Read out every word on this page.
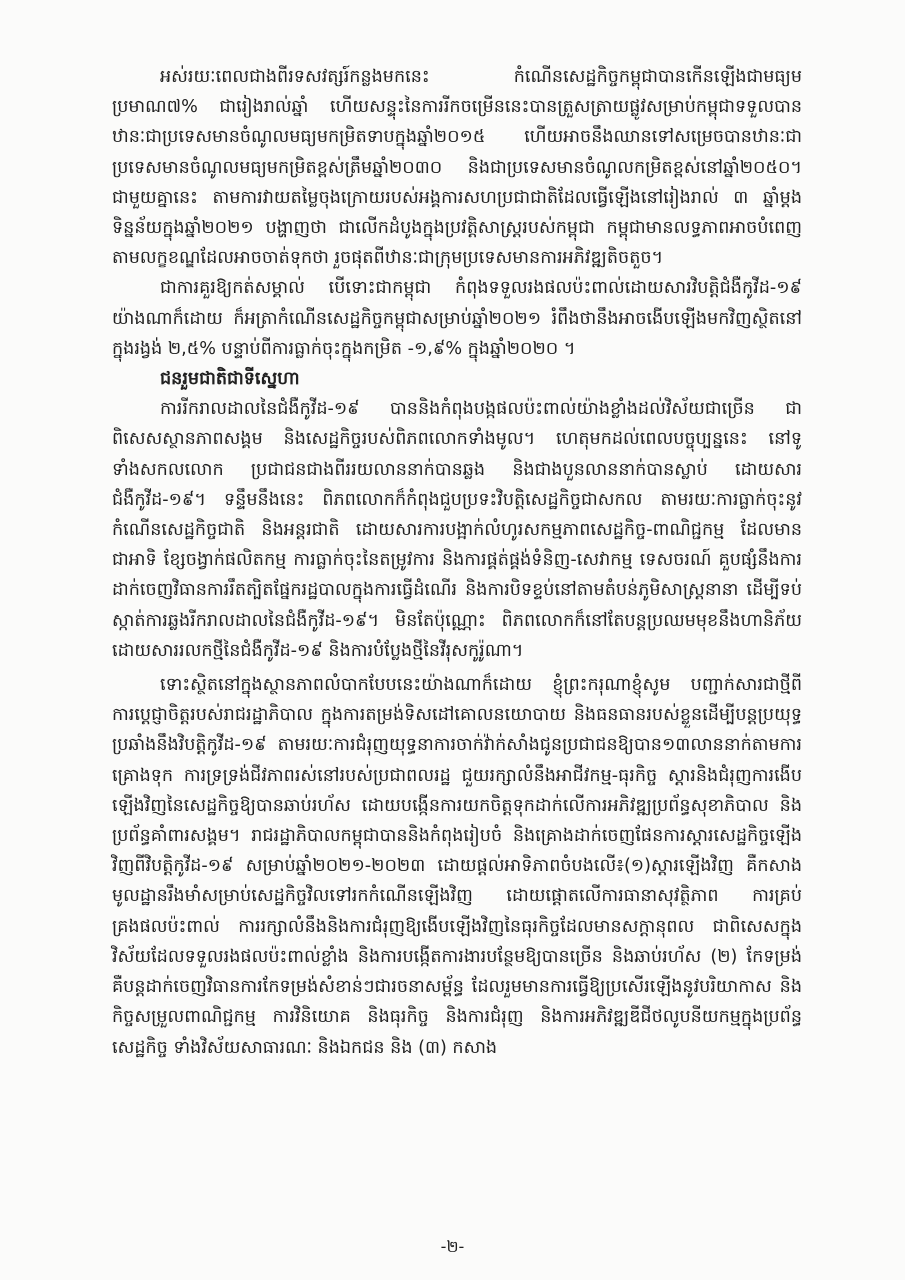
អស់រយៈពេលជាងពីរទសវត្សរ៍កន្លងមកនេះ កំណើនសេដ្ឋកិច្ចកម្ពុជាបានកើនឡើងជាមធ្យមប្រមាណ៧% ជារៀងរាល់ឆ្នាំ ហើយសន្ទុះនៃការរីកចម្រើននេះបានត្រួសត្រាយផ្លូវសម្រាប់កម្ពុជាទទួលបានឋានៈជាប្រទេសមានចំណូលមធ្យមកម្រិតទាបក្នុងឆ្នាំ២០១៥ ហើយអាចនឹងឈានទៅសម្រេចបានឋានៈជាប្រទេសមានចំណូលមធ្យមកម្រិតខ្ពស់ត្រឹមឆ្នាំ២០៣០ និងជាប្រទេសមានចំណូលកម្រិតខ្ពស់នៅឆ្នាំ២០៥០។ ជាមួយគ្នានេះ តាមការវាយតម្លៃចុងក្រោយរបស់អង្គការសហប្រជាជាតិដែលធ្វើឡើងនៅរៀងរាល់ ៣ ឆ្នាំម្តង ទិន្នន័យក្នុងឆ្នាំ២០២១ បង្ហាញថា ជាលើកដំបូងក្នុងប្រវត្តិសាស្ត្ររបស់កម្ពុជា កម្ពុជាមានលទ្ធភាពអាចបំពេញតាមលក្ខខណ្ឌដែលអាចចាត់ទុកថា រួចផុតពីឋានៈជាក្រុមប្រទេសមានការអភិវឌ្ឍតិចតួច។

ជាការគួរឱ្យកត់សម្គាល់ បើទោះជាកម្ពុជា កំពុងទទួលរងផលប៉ះពាល់ដោយសារវិបត្តិជំងឺកូវីដ-១៩ យ៉ាងណាក៏ដោយ ក៏អត្រាកំណើនសេដ្ឋកិច្ចកម្ពុជាសម្រាប់ឆ្នាំ២០២១ រំពឹងថានឹងអាចងើបឡើងមកវិញស្ថិតនៅក្នុងរង្វង់ ២,៥% បន្ទាប់ពីការធ្លាក់ចុះក្នុងកម្រិត -១,៩% ក្នុងឆ្នាំ២០២០ ។

ជនរួមជាតិជាទីស្នេហា

ការរីករាលដាលនៃជំងឺកូវីដ-១៩ បាននិងកំពុងបង្កផលប៉ះពាល់យ៉ាងខ្លាំងដល់វិស័យជាច្រើន ជាពិសេសស្ថានភាពសង្គម និងសេដ្ឋកិច្ចរបស់ពិភពលោកទាំងមូល។ ហេតុមកដល់ពេលបច្ចុប្បន្ននេះ នៅទូទាំងសកលលោក ប្រជាជនជាងពីររយលាននាក់បានឆ្លង និងជាងបួនលាននាក់បានស្លាប់ ដោយសារជំងឺកូវីដ-១៩។ ទន្ទឹមនឹងនេះ ពិភពលោកក៏កំពុងជួបប្រទះវិបត្តិសេដ្ឋកិច្ចជាសកល តាមរយៈការធ្លាក់ចុះនូវកំណើនសេដ្ឋកិច្ចជាតិ និងអន្តរជាតិ ដោយសារការបង្អាក់លំហូរសកម្មភាពសេដ្ឋកិច្ច-ពាណិជ្ជកម្ម ដែលមានជាអាទិ ខ្សែចង្វាក់ផលិតកម្ម ការធ្លាក់ចុះនៃតម្រូវការ និងការផ្គត់ផ្គង់ទំនិញ-សេវាកម្ម ទេសចរណ៍ គួបផ្សំនឹងការដាក់ចេញវិធានការរឹតត្បិតផ្នែករដ្ឋបាលក្នុងការធ្វើដំណើរ និងការបិទខ្ទប់នៅតាមតំបន់ភូមិសាស្ត្រនានា ដើម្បីទប់ស្កាត់ការឆ្លងរីករាលដាលនៃជំងឺកូវីដ-១៩។ មិនតែប៉ុណ្ណោះ ពិភពលោកក៏នៅតែបន្តប្រឈមមុខនឹងហានិភ័យ ដោយសាររលកថ្មីនៃជំងឺកូវីដ-១៩ និងការបំប្លែងថ្មីនៃវីរុសកូរ៉ូណា។

ទោះស្ថិតនៅក្នុងស្ថានភាពលំបាកបែបនេះយ៉ាងណាក៏ដោយ ខ្ញុំព្រះករុណាខ្ញុំសូម បញ្ជាក់សារជាថ្មីពីការប្តេជ្ញាចិត្តរបស់រាជរដ្ឋាភិបាល ក្នុងការតម្រង់ទិសដៅគោលនយោបាយ និងធនធានរបស់ខ្លួនដើម្បីបន្តប្រយុទ្ធប្រឆាំងនឹងវិបត្តិកូវីដ-១៩ តាមរយៈការជំរុញយុទ្ធនាការចាក់វ៉ាក់សាំងជូនប្រជាជនឱ្យបាន១៣លាននាក់តាមការគ្រោងទុក ការទ្រទ្រង់ជីវភាពរស់នៅរបស់ប្រជាពលរដ្ឋ ជួយរក្សាលំនឹងអាជីវកម្ម-ធុរកិច្ច ស្តារនិងជំរុញការងើបឡើងវិញនៃសេដ្ឋកិច្ចឱ្យបានឆាប់រហ័ស ដោយបង្កើនការយកចិត្តទុកដាក់លើការអភិវឌ្ឍប្រព័ន្ធសុខាភិបាល និងប្រព័ន្ធគាំពារសង្គម។ រាជរដ្ឋាភិបាលកម្ពុជាបាននិងកំពុងរៀបចំ និងគ្រោងដាក់ចេញផែនការស្តារសេដ្ឋកិច្ចឡើងវិញពីវិបត្តិកូវីដ-១៩ សម្រាប់ឆ្នាំ២០២១-២០២៣ ដោយផ្តល់អាទិភាពចំបងលើ៖(១)ស្តារឡើងវិញ គឺកសាងមូលដ្ឋានរឹងមាំសម្រាប់សេដ្ឋកិច្ចវិលទៅរកកំណើនឡើងវិញ ដោយផ្តោតលើការធានាសុវត្ថិភាព ការគ្រប់គ្រងផលប៉ះពាល់ ការរក្សាលំនឹងនិងការជំរុញឱ្យងើបឡើងវិញនៃធុរកិច្ចដែលមានសក្តានុពល ជាពិសេសក្នុងវិស័យដែលទទួលរងផលប៉ះពាល់ខ្លាំង និងការបង្កើតការងារបន្ថែមឱ្យបានច្រើន និងឆាប់រហ័ស (២) កែទម្រង់ គឺបន្តដាក់ចេញវិធានការកែទម្រង់សំខាន់ៗជារចនាសម្ព័ន្ធ ដែលរួមមានការធ្វើឱ្យប្រសើរឡើងនូវបរិយាកាស និងកិច្ចសម្រួលពាណិជ្ជកម្ម ការវិនិយោគ និងធុរកិច្ច និងការជំរុញ និងការអភិវឌ្ឍឌីជីថលូបនីយកម្មក្នុងប្រព័ន្ធសេដ្ឋកិច្ច ទាំងវិស័យសាធារណៈ និងឯកជន និង (៣) កសាង

-២-
